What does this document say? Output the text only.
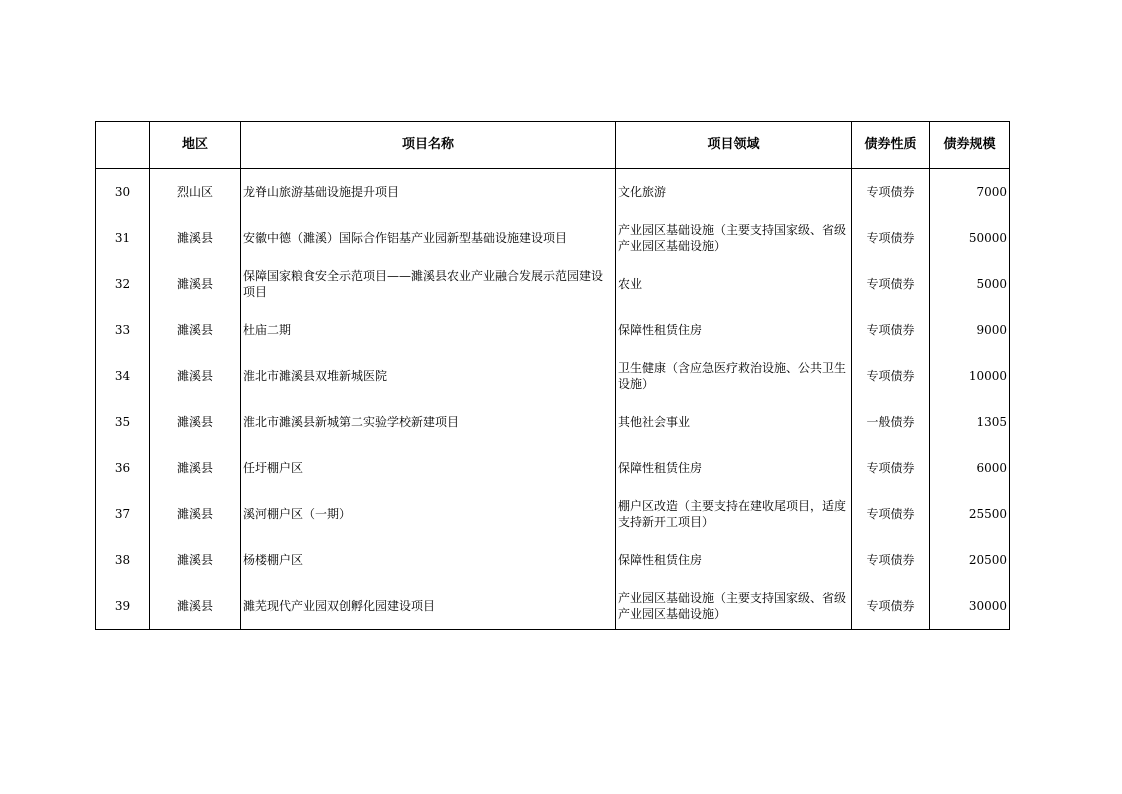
	地区	项目名称	项目领域	债券性质	债券规模
30	烈山区	龙脊山旅游基础设施提升项目	文化旅游	专项债券	7000
31	濉溪县	安徽中德（濉溪）国际合作铝基产业园新型基础设施建设项目	产业园区基础设施（主要支持国家级、省级产业园区基础设施）	专项债券	50000
32	濉溪县	保障国家粮食安全示范项目——濉溪县农业产业融合发展示范园建设项目	农业	专项债券	5000
33	濉溪县	杜庙二期	保障性租赁住房	专项债券	9000
34	濉溪县	淮北市濉溪县双堆新城医院	卫生健康（含应急医疗救治设施、公共卫生设施）	专项债券	10000
35	濉溪县	淮北市濉溪县新城第二实验学校新建项目	其他社会事业	一般债券	1305
36	濉溪县	任圩棚户区	保障性租赁住房	专项债券	6000
37	濉溪县	溪河棚户区（一期）	棚户区改造（主要支持在建收尾项目，适度支持新开工项目）	专项债券	25500
38	濉溪县	杨楼棚户区	保障性租赁住房	专项债券	20500
39	濉溪县	濉芜现代产业园双创孵化园建设项目	产业园区基础设施（主要支持国家级、省级产业园区基础设施）	专项债券	30000
